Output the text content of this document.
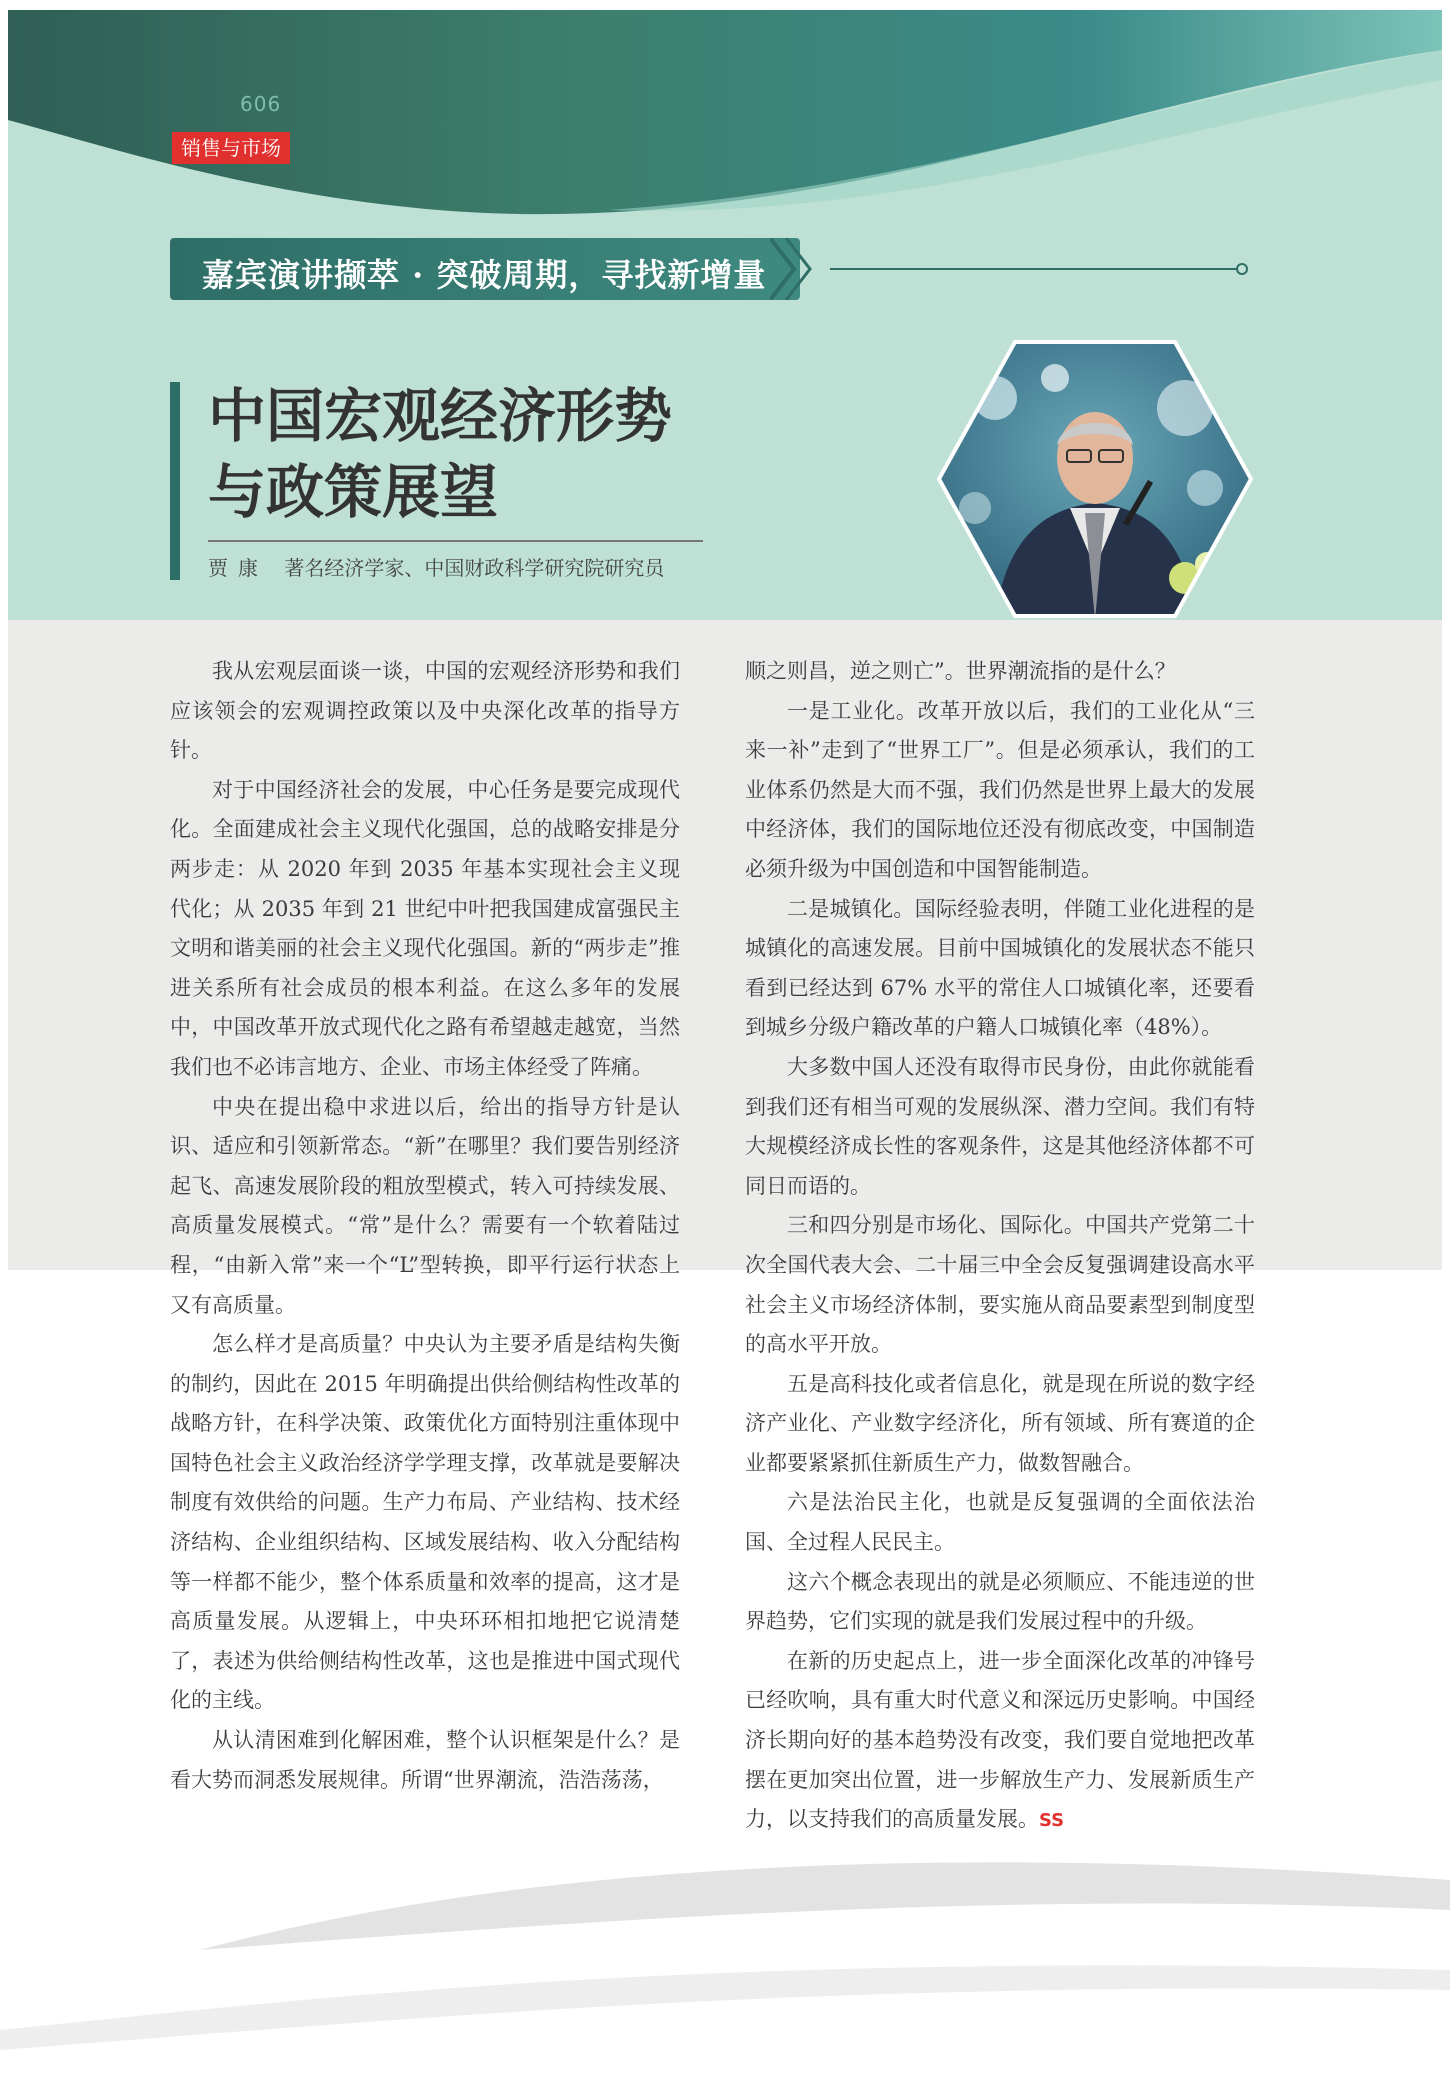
606
销售与市场
嘉宾演讲撷萃 · 突破周期，寻找新增量
中国宏观经济形势
与政策展望
贾康 著名经济学家、中国财政科学研究院研究员

我从宏观层面谈一谈，中国的宏观经济形势和我们应该领会的宏观调控政策以及中央深化改革的指导方针。

对于中国经济社会的发展，中心任务是要完成现代化。全面建成社会主义现代化强国，总的战略安排是分两步走：从 2020 年到 2035 年基本实现社会主义现代化；从 2035 年到 21 世纪中叶把我国建成富强民主文明和谐美丽的社会主义现代化强国。新的“两步走”推进关系所有社会成员的根本利益。在这么多年的发展中，中国改革开放式现代化之路有希望越走越宽，当然我们也不必讳言地方、企业、市场主体经受了阵痛。

中央在提出稳中求进以后，给出的指导方针是认识、适应和引领新常态。“新”在哪里？我们要告别经济起飞、高速发展阶段的粗放型模式，转入可持续发展、高质量发展模式。“常”是什么？需要有一个软着陆过程，“由新入常”来一个“L”型转换，即平行运行状态上又有高质量。

怎么样才是高质量？中央认为主要矛盾是结构失衡的制约，因此在 2015 年明确提出供给侧结构性改革的战略方针，在科学决策、政策优化方面特别注重体现中国特色社会主义政治经济学学理支撑，改革就是要解决制度有效供给的问题。生产力布局、产业结构、技术经济结构、企业组织结构、区域发展结构、收入分配结构等一样都不能少，整个体系质量和效率的提高，这才是高质量发展。从逻辑上，中央环环相扣地把它说清楚了，表述为供给侧结构性改革，这也是推进中国式现代化的主线。

从认清困难到化解困难，整个认识框架是什么？是看大势而洞悉发展规律。所谓“世界潮流，浩浩荡荡，

顺之则昌，逆之则亡”。世界潮流指的是什么？

一是工业化。改革开放以后，我们的工业化从“三来一补”走到了“世界工厂”。但是必须承认，我们的工业体系仍然是大而不强，我们仍然是世界上最大的发展中经济体，我们的国际地位还没有彻底改变，中国制造必须升级为中国创造和中国智能制造。

二是城镇化。国际经验表明，伴随工业化进程的是城镇化的高速发展。目前中国城镇化的发展状态不能只看到已经达到 67% 水平的常住人口城镇化率，还要看到城乡分级户籍改革的户籍人口城镇化率（48%）。

大多数中国人还没有取得市民身份，由此你就能看到我们还有相当可观的发展纵深、潜力空间。我们有特大规模经济成长性的客观条件，这是其他经济体都不可同日而语的。

三和四分别是市场化、国际化。中国共产党第二十次全国代表大会、二十届三中全会反复强调建设高水平社会主义市场经济体制，要实施从商品要素型到制度型的高水平开放。

五是高科技化或者信息化，就是现在所说的数字经济产业化、产业数字经济化，所有领域、所有赛道的企业都要紧紧抓住新质生产力，做数智融合。

六是法治民主化，也就是反复强调的全面依法治国、全过程人民民主。

这六个概念表现出的就是必须顺应、不能违逆的世界趋势，它们实现的就是我们发展过程中的升级。

在新的历史起点上，进一步全面深化改革的冲锋号已经吹响，具有重大时代意义和深远历史影响。中国经济长期向好的基本趋势没有改变，我们要自觉地把改革摆在更加突出位置，进一步解放生产力、发展新质生产力，以支持我们的高质量发展。SS
